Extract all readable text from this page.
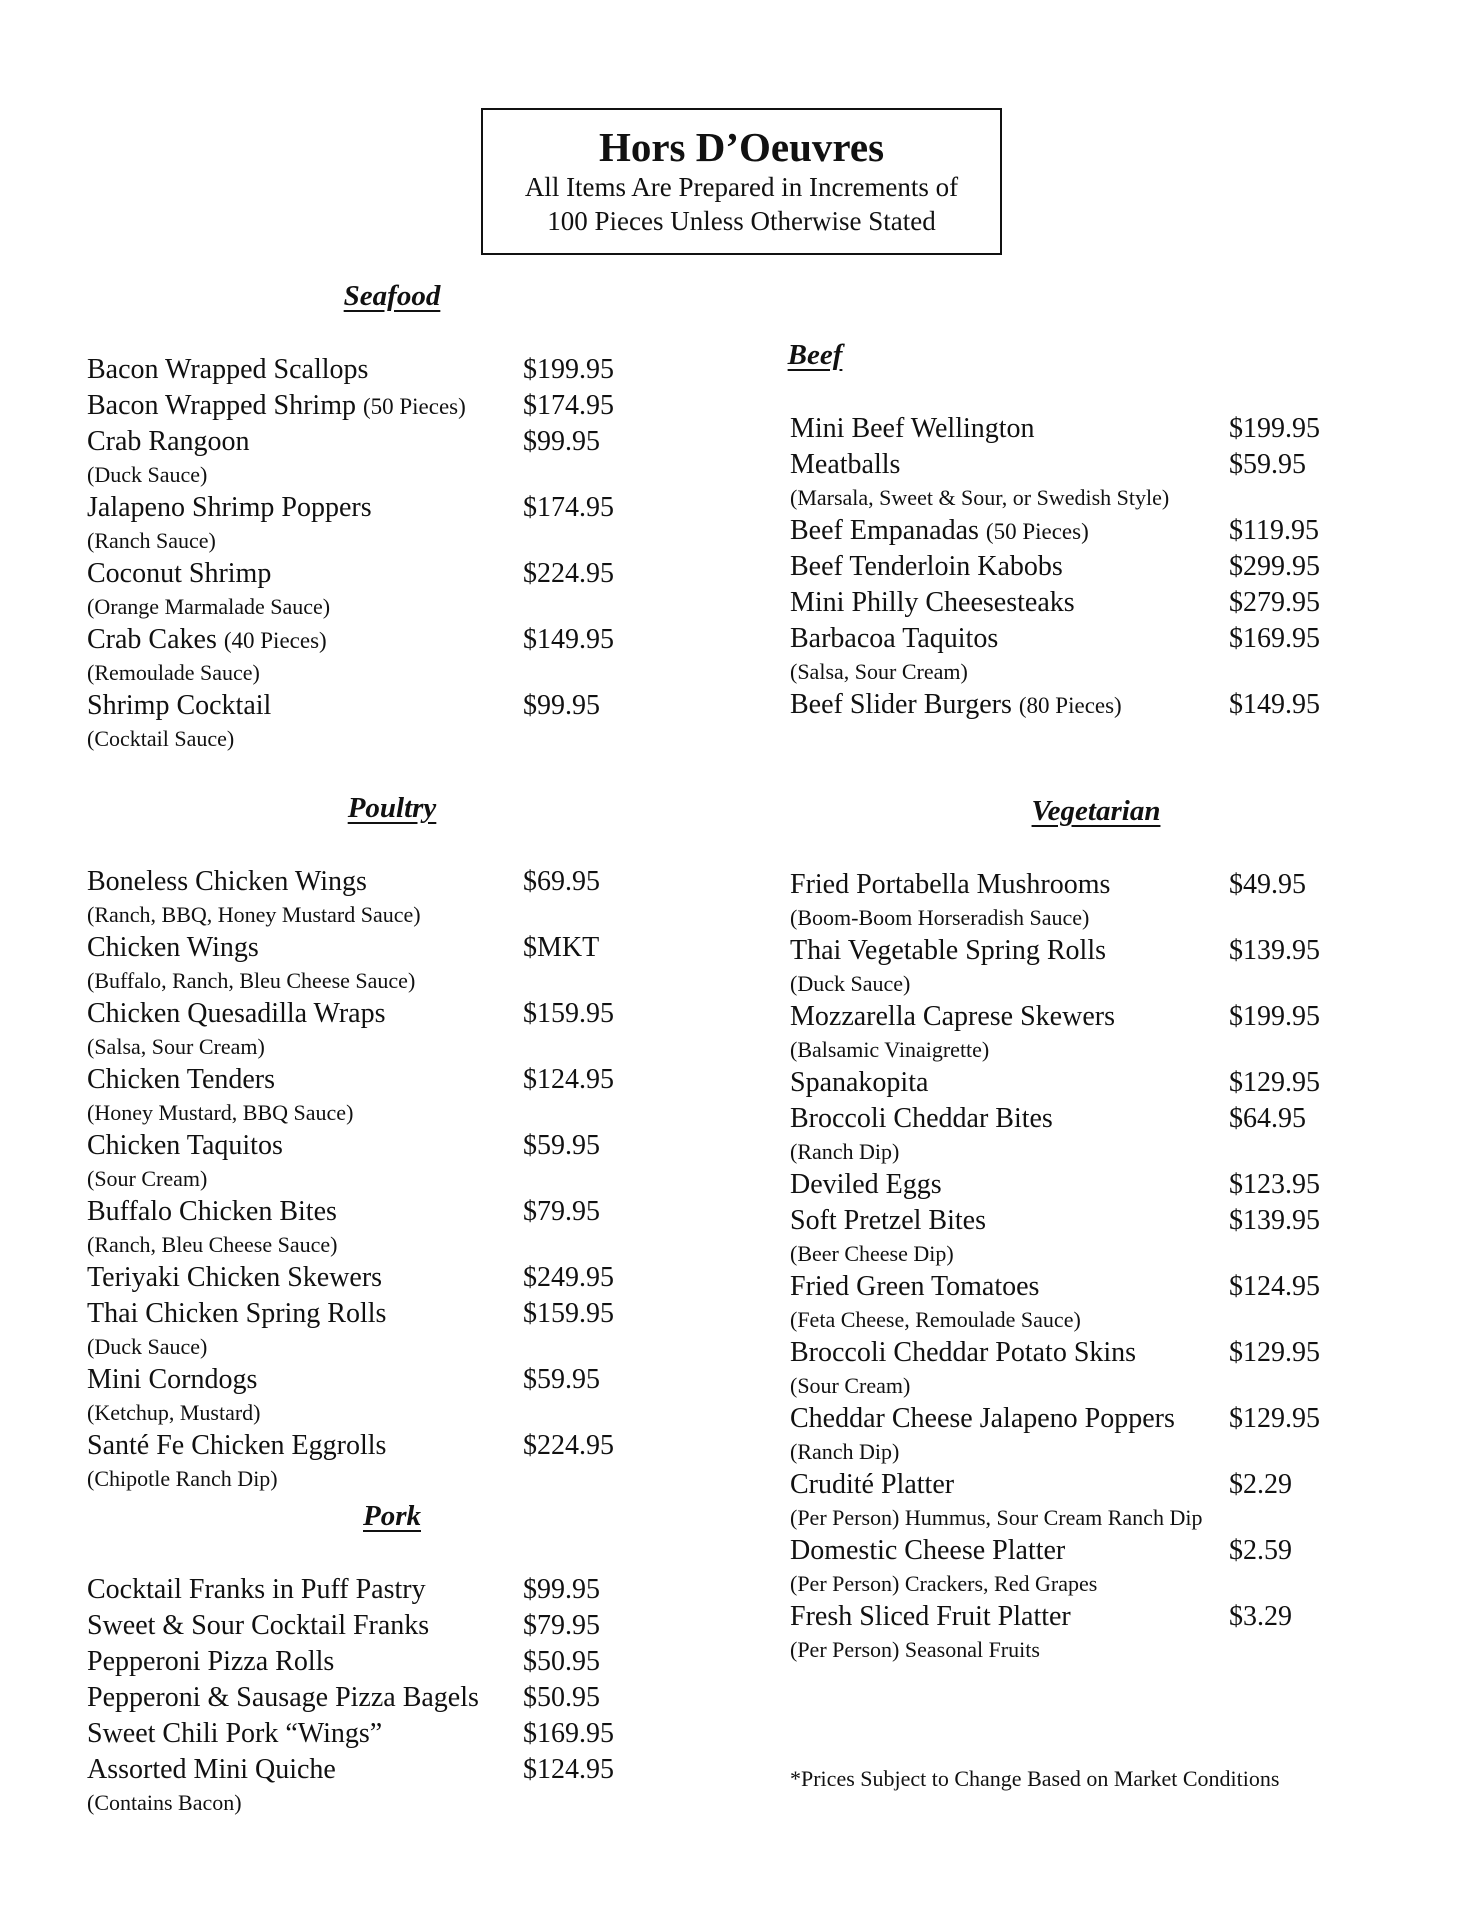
Hors D’Oeuvres
All Items Are Prepared in Increments of
100 Pieces Unless Otherwise Stated
Seafood
Bacon Wrapped Scallops	$199.95
Bacon Wrapped Shrimp (50 Pieces) $174.95
Crab Rangoon	$99.95
(Duck Sauce)
Jalapeno Shrimp Poppers	$174.95
(Ranch Sauce)
Coconut Shrimp	$224.95
(Orange Marmalade Sauce)
Crab Cakes (40 Pieces)	$149.95
(Remoulade Sauce)
Shrimp Cocktail	$99.95
(Cocktail Sauce)
Poultry
Boneless Chicken Wings	$69.95
(Ranch, BBQ, Honey Mustard Sauce)
Chicken Wings	$MKT
(Buffalo, Ranch, Bleu Cheese Sauce)
Chicken Quesadilla Wraps	$159.95
(Salsa, Sour Cream)
Chicken Tenders	$124.95
(Honey Mustard, BBQ Sauce)
Chicken Taquitos	$59.95
(Sour Cream)
Buffalo Chicken Bites	$79.95
(Ranch, Bleu Cheese Sauce)
Teriyaki Chicken Skewers	$249.95
Thai Chicken Spring Rolls	$159.95
(Duck Sauce)
Mini Corndogs	$59.95
(Ketchup, Mustard)
Santé Fe Chicken Eggrolls	$224.95
(Chipotle Ranch Dip)
Pork
Cocktail Franks in Puff Pastry	$99.95
Sweet & Sour Cocktail Franks	$79.95
Pepperoni Pizza Rolls	$50.95
Pepperoni & Sausage Pizza Bagels $50.95
Sweet Chili Pork “Wings”	$169.95
Assorted Mini Quiche	$124.95
(Contains Bacon)
Beef
Mini Beef Wellington	$199.95
Meatballs	$59.95
(Marsala, Sweet & Sour, or Swedish Style)
Beef Empanadas (50 Pieces)	$119.95
Beef Tenderloin Kabobs	$299.95
Mini Philly Cheesesteaks	$279.95
Barbacoa Taquitos	$169.95
(Salsa, Sour Cream)
Beef Slider Burgers (80 Pieces)	$149.95
Vegetarian
Fried Portabella Mushrooms	$49.95
(Boom-Boom Horseradish Sauce)
Thai Vegetable Spring Rolls	$139.95
(Duck Sauce)
Mozzarella Caprese Skewers	$199.95
(Balsamic Vinaigrette)
Spanakopita	$129.95
Broccoli Cheddar Bites	$64.95
(Ranch Dip)
Deviled Eggs	$123.95
Soft Pretzel Bites	$139.95
(Beer Cheese Dip)
Fried Green Tomatoes	$124.95
(Feta Cheese, Remoulade Sauce)
Broccoli Cheddar Potato Skins	$129.95
(Sour Cream)
Cheddar Cheese Jalapeno Poppers $129.95
(Ranch Dip)
Crudité Platter	$2.29
(Per Person) Hummus, Sour Cream Ranch Dip
Domestic Cheese Platter	$2.59
(Per Person) Crackers, Red Grapes
Fresh Sliced Fruit Platter	$3.29
(Per Person) Seasonal Fruits
*Prices Subject to Change Based on Market Conditions
